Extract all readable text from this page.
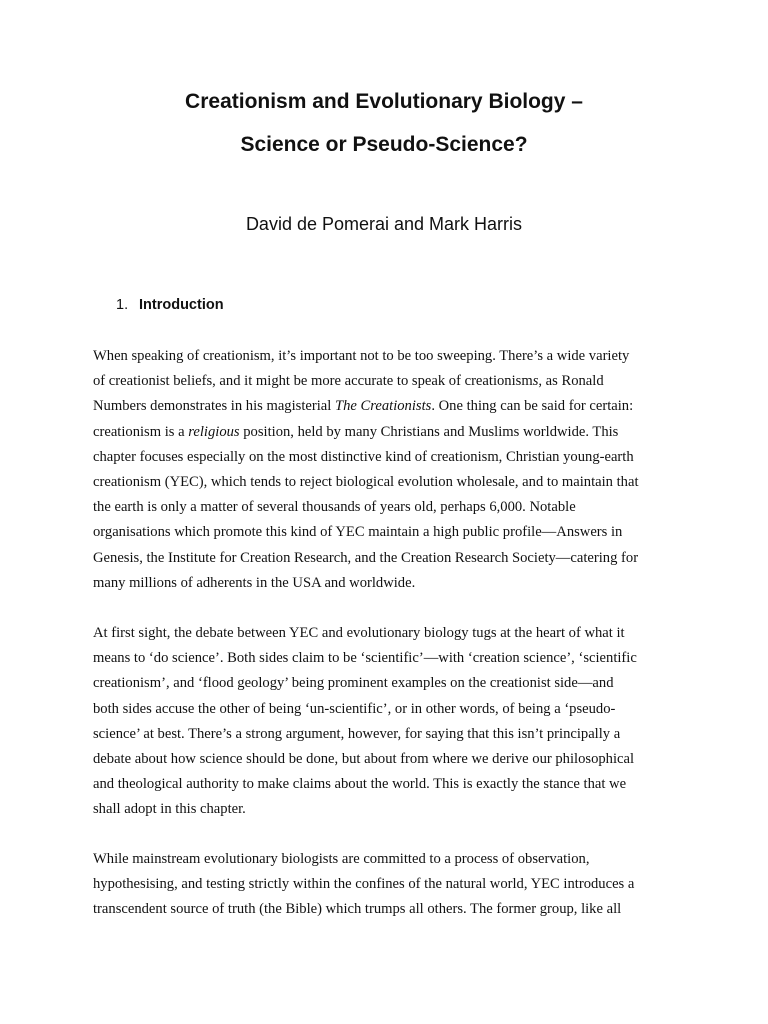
Creationism and Evolutionary Biology –
Science or Pseudo-Science?

David de Pomerai and Mark Harris

1. Introduction
When speaking of creationism, it’s important not to be too sweeping. There’s a wide variety
of creationist beliefs, and it might be more accurate to speak of creationisms, as Ronald
Numbers demonstrates in his magisterial The Creationists. One thing can be said for certain:
creationism is a religious position, held by many Christians and Muslims worldwide. This
chapter focuses especially on the most distinctive kind of creationism, Christian young-earth
creationism (YEC), which tends to reject biological evolution wholesale, and to maintain that
the earth is only a matter of several thousands of years old, perhaps 6,000. Notable
organisations which promote this kind of YEC maintain a high public profile—Answers in
Genesis, the Institute for Creation Research, and the Creation Research Society—catering for
many millions of adherents in the USA and worldwide.
At first sight, the debate between YEC and evolutionary biology tugs at the heart of what it
means to ‘do science’. Both sides claim to be ‘scientific’—with ‘creation science’, ‘scientific
creationism’, and ‘flood geology’ being prominent examples on the creationist side—and
both sides accuse the other of being ‘un-scientific’, or in other words, of being a ‘pseudo-
science’ at best. There’s a strong argument, however, for saying that this isn’t principally a
debate about how science should be done, but about from where we derive our philosophical
and theological authority to make claims about the world. This is exactly the stance that we
shall adopt in this chapter.
While mainstream evolutionary biologists are committed to a process of observation,
hypothesising, and testing strictly within the confines of the natural world, YEC introduces a
transcendent source of truth (the Bible) which trumps all others. The former group, like all
